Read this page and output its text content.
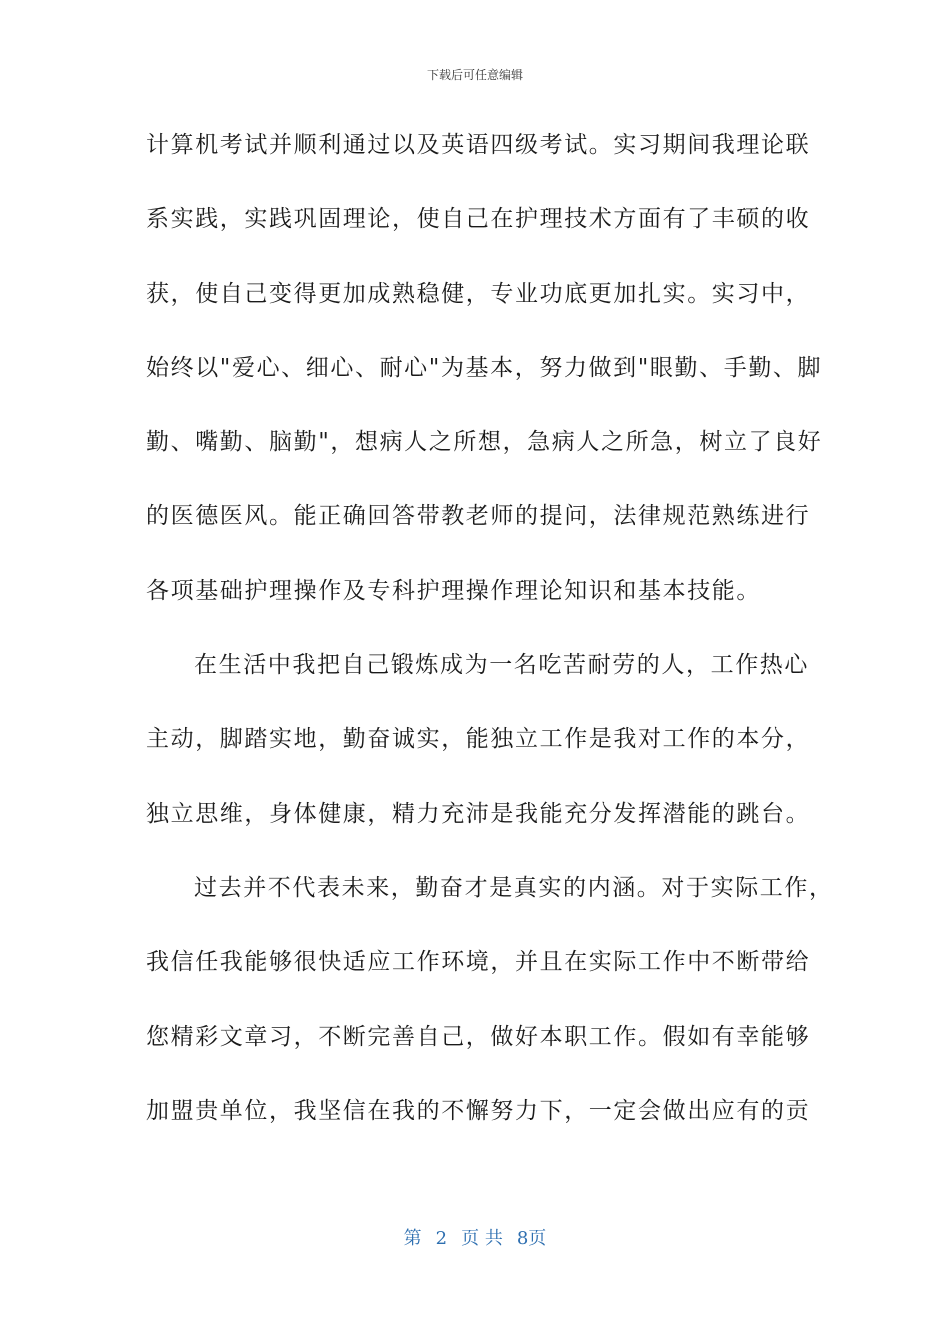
下载后可任意编辑
计算机考试并顺利通过以及英语四级考试。实习期间我理论联
系实践，实践巩固理论，使自己在护理技术方面有了丰硕的收
获，使自己变得更加成熟稳健，专业功底更加扎实。实习中，
始终以"爱心、细心、耐心"为基本，努力做到"眼勤、手勤、脚
勤、嘴勤、脑勤"，想病人之所想，急病人之所急，树立了良好
的医德医风。能正确回答带教老师的提问，法律规范熟练进行
各项基础护理操作及专科护理操作理论知识和基本技能。
在生活中我把自己锻炼成为一名吃苦耐劳的人，工作热心
主动，脚踏实地，勤奋诚实，能独立工作是我对工作的本分，
独立思维，身体健康，精力充沛是我能充分发挥潜能的跳台。
过去并不代表未来，勤奋才是真实的内涵。对于实际工作，
我信任我能够很快适应工作环境，并且在实际工作中不断带给
您精彩文章习，不断完善自己，做好本职工作。假如有幸能够
加盟贵单位，我坚信在我的不懈努力下，一定会做出应有的贡
第 2 页 共 8页
